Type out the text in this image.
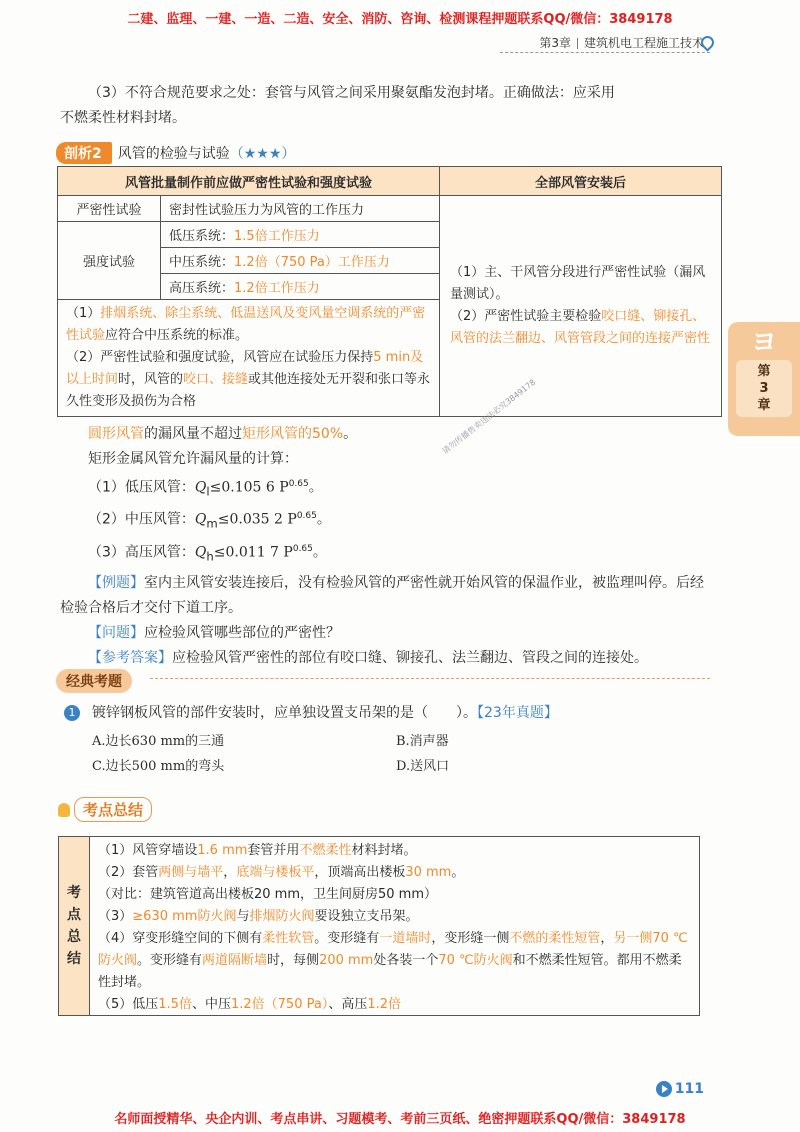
二建、监理、一建、一造、二造、安全、消防、咨询、检测课程押题联系QQ/微信：3849178
第3章 建筑机电工程施工技术
（3）不符合规范要求之处：套管与风管之间采用聚氨酯发泡封堵。正确做法：应采用
不燃柔性材料封堵。
剖析2	风管的检验与试验 （★★★）
风管批量制作前应做严密性试验和强度试验		全部风管安装后
严密性试验	密封性试验压力为风管的工作压力	（1）主、干风管分段进行严密性试验（漏风量测试）。
（2）严密性试验主要检验咬口缝、铆接孔、风管的法兰翻边、风管管段之间的连接严密性

强度试验	低压系统：1.5倍工作压力	
	中压系统：1.2倍（750 Pa）工作压力	
	高压系统：1.2倍工作压力	

（1）排烟系统、除尘系统、低温送风及变风量空调系统的严密性试验应符合中压系统的标准。
（2）严密性试验和强度试验，风管应在试验压力保持5 min及以上时间时，风管的咬口、接缝或其他连接处无开裂和张口等永久性变形及损伤为合格		
ヨ
第
3
章
圆形风管的漏风量不超过矩形风管的50%。
矩形金属风管允许漏风量的计算：
（1）低压风管：$Q_l\le 0.105$ 6 $P^{0.65}$。
（2）中压风管：$Q_m\le 0.035$ 2 $P^{0.65}$。
（3）高压风管：$Q_h\le 0.011$ 7 $P^{0.65}$。
【例题】室内主风管安装连接后，没有检验风管的严密性就开始风管的保温作业，被监理叫停。后经检验合格后才交付下道工序。
【问题】应检验风管哪些部位的严密性？
【参考答案】应检验风管严密性的部位有咬口缝、铆接孔、法兰翻边、管段之间的连接处。
请勿传播售卖违法必究3849178
经典考题
1	镀锌钢板风管的部件安装时，应单独设置支吊架的是（　　）。【23年真题】
A.边长630 mm的三通	B.消声器
C.边长500 mm的弯头	D.送风口
考点总结
考
点
总
结
（1）风管穿墙设1.6 mm套管并用不燃柔性材料封堵。
（2）套管两侧与墙平，底端与楼板平，顶端高出楼板30 mm。
（对比：建筑管道高出楼板20 mm，卫生间厨房50 mm）
（3）≥630 mm防火阀与排烟防火阀要设独立支吊架。
（4）穿变形缝空间的下侧有柔性软管。变形缝有一道墙时，变形缝一侧不燃的柔性短管，另一侧70 ℃防火阀。变形缝有两道隔断墙时，每侧200 mm处各装一个70 ℃防火阀和不燃柔性短管。都用不燃柔性封堵。
（5）低压1.5倍、中压1.2倍（750 Pa）、高压1.2倍
111
名师面授精华、央企内训、考点串讲、习题模考、考前三页纸、绝密押题联系QQ/微信：3849178
